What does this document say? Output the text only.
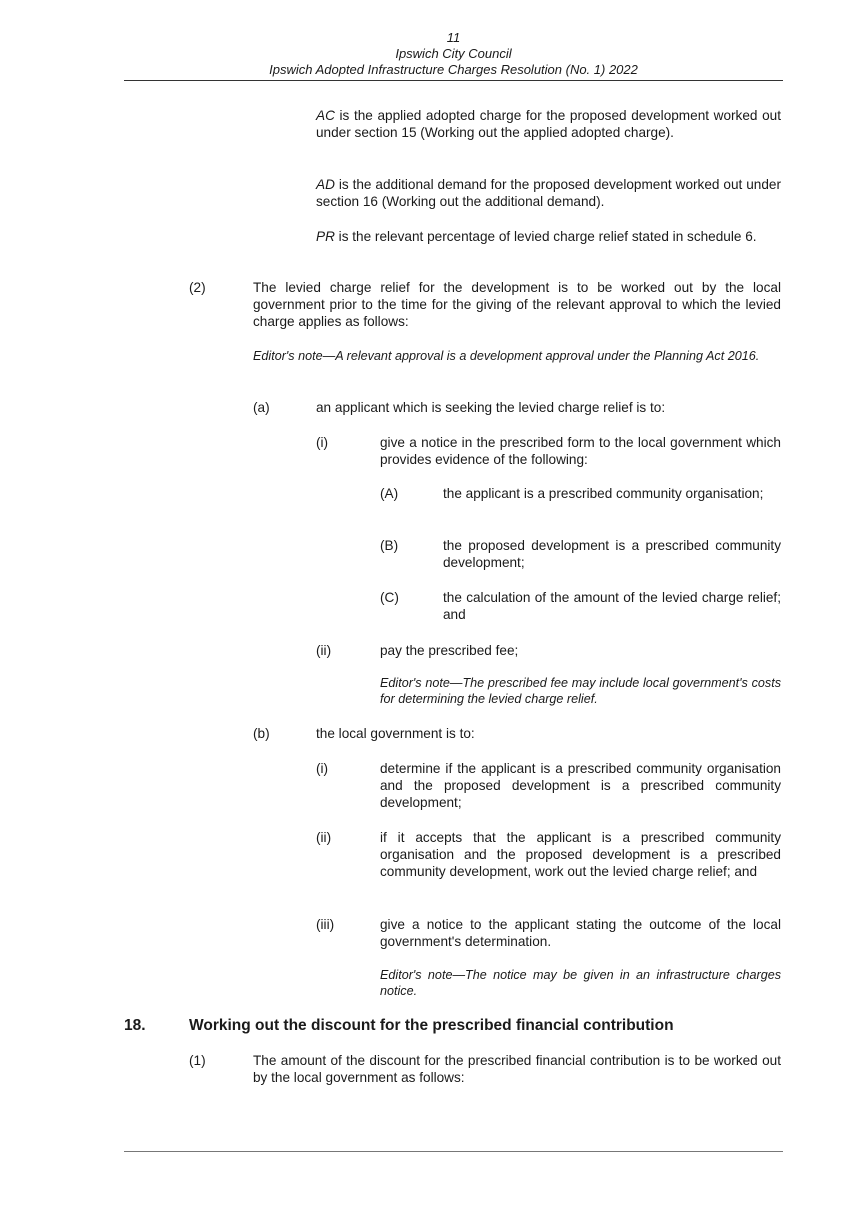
11
Ipswich City Council
Ipswich Adopted Infrastructure Charges Resolution (No. 1) 2022
AC is the applied adopted charge for the proposed development worked out under section 15 (Working out the applied adopted charge).
AD is the additional demand for the proposed development worked out under section 16 (Working out the additional demand).
PR is the relevant percentage of levied charge relief stated in schedule 6.
(2)	The levied charge relief for the development is to be worked out by the local government prior to the time for the giving of the relevant approval to which the levied charge applies as follows:
Editor's note—A relevant approval is a development approval under the Planning Act 2016.
(a)	an applicant which is seeking the levied charge relief is to:
(i)	give a notice in the prescribed form to the local government which provides evidence of the following:
(A)	the applicant is a prescribed community organisation;
(B)	the proposed development is a prescribed community development;
(C)	the calculation of the amount of the levied charge relief; and
(ii)	pay the prescribed fee;
Editor's note—The prescribed fee may include local government's costs for determining the levied charge relief.
(b)	the local government is to:
(i)	determine if the applicant is a prescribed community organisation and the proposed development is a prescribed community development;
(ii)	if it accepts that the applicant is a prescribed community organisation and the proposed development is a prescribed community development, work out the levied charge relief; and
(iii)	give a notice to the applicant stating the outcome of the local government's determination.
Editor's note—The notice may be given in an infrastructure charges notice.
18.	Working out the discount for the prescribed financial contribution
(1)	The amount of the discount for the prescribed financial contribution is to be worked out by the local government as follows:
